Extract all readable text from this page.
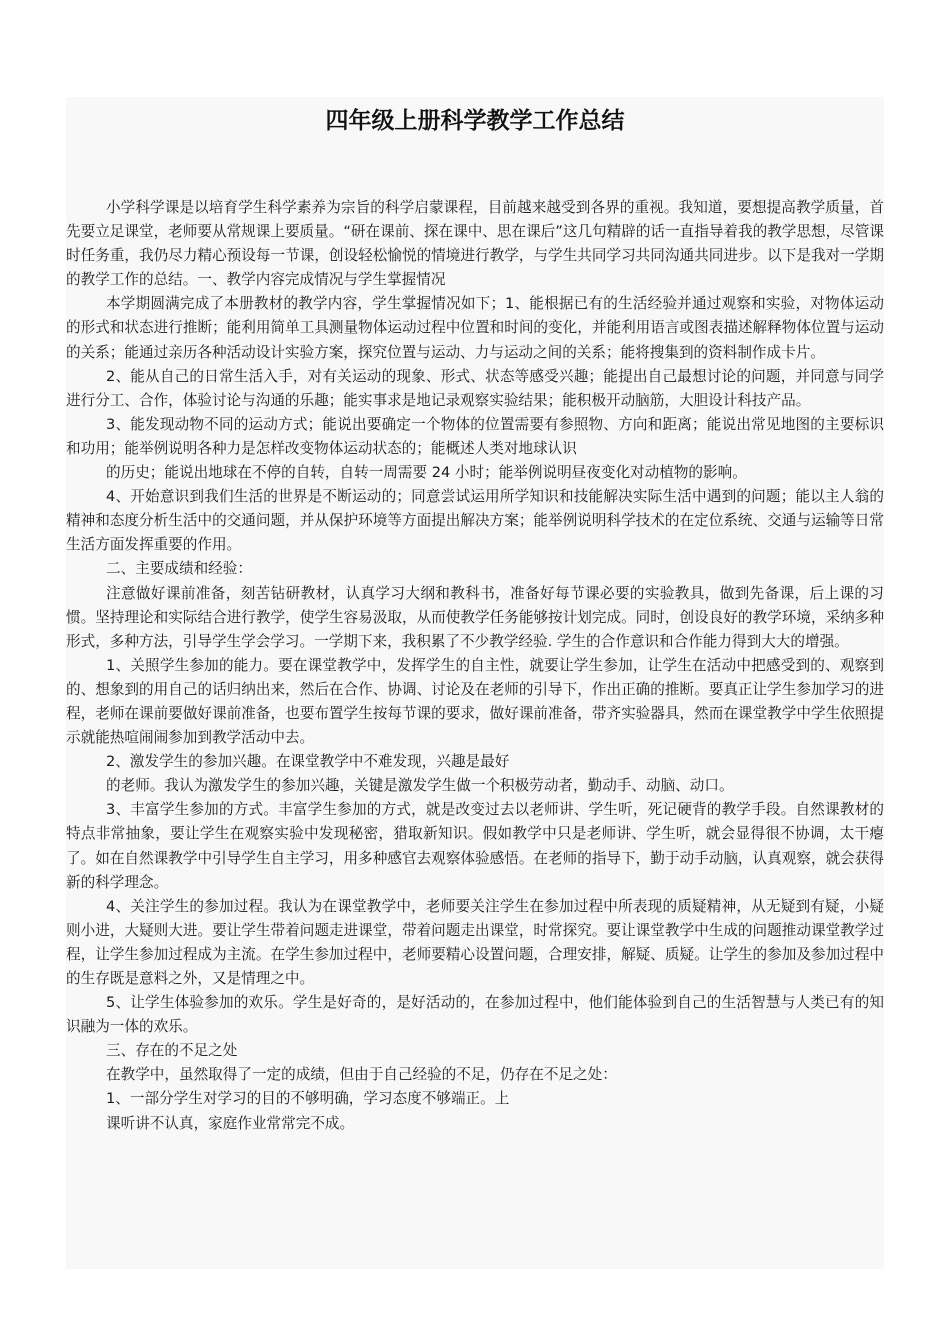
四年级上册科学教学工作总结

小学科学课是以培育学生科学素养为宗旨的科学启蒙课程，目前越来越受到各界的重视。我知道，要想提高教学质量，首先要立足课堂，老师要从常规课上要质量。“研在课前、探在课中、思在课后”这几句精辟的话一直指导着我的教学思想，尽管课时任务重，我仍尽力精心预设每一节课，创设轻松愉悦的情境进行教学，与学生共同学习共同沟通共同进步。以下是我对一学期的教学工作的总结。一、教学内容完成情况与学生掌握情况

本学期圆满完成了本册教材的教学内容，学生掌握情况如下；1、能根据已有的生活经验并通过观察和实验，对物体运动的形式和状态进行推断；能利用简单工具测量物体运动过程中位置和时间的变化，并能利用语言或图表描述解释物体位置与运动的关系；能通过亲历各种活动设计实验方案，探究位置与运动、力与运动之间的关系；能将搜集到的资料制作成卡片。

2、能从自己的日常生活入手，对有关运动的现象、形式、状态等感受兴趣；能提出自己最想讨论的问题，并同意与同学进行分工、合作，体验讨论与沟通的乐趣；能实事求是地记录观察实验结果；能积极开动脑筋，大胆设计科技产品。

3、能发现动物不同的运动方式；能说出要确定一个物体的位置需要有参照物、方向和距离；能说出常见地图的主要标识和功用；能举例说明各种力是怎样改变物体运动状态的；能概述人类对地球认识

的历史；能说出地球在不停的自转，自转一周需要 24 小时；能举例说明昼夜变化对动植物的影响。

4、开始意识到我们生活的世界是不断运动的；同意尝试运用所学知识和技能解决实际生活中遇到的问题；能以主人翁的精神和态度分析生活中的交通问题，并从保护环境等方面提出解决方案；能举例说明科学技术的在定位系统、交通与运输等日常生活方面发挥重要的作用。

二、主要成绩和经验：

注意做好课前准备，刻苦钻研教材，认真学习大纲和教科书，准备好每节课必要的实验教具，做到先备课，后上课的习惯。坚持理论和实际结合进行教学，使学生容易汲取，从而使教学任务能够按计划完成。同时，创设良好的教学环境，采纳多种形式，多种方法，引导学生学会学习。一学期下来，我积累了不少教学经验. 学生的合作意识和合作能力得到大大的增强。

1、关照学生参加的能力。要在课堂教学中，发挥学生的自主性，就要让学生参加，让学生在活动中把感受到的、观察到的、想象到的用自己的话归纳出来，然后在合作、协调、讨论及在老师的引导下，作出正确的推断。要真正让学生参加学习的进程，老师在课前要做好课前准备，也要布置学生按每节课的要求，做好课前准备，带齐实验器具，然而在课堂教学中学生依照提示就能热喧闹闹参加到教学活动中去。

2、激发学生的参加兴趣。在课堂教学中不难发现，兴趣是最好

的老师。我认为激发学生的参加兴趣，关键是激发学生做一个积极劳动者，勤动手、动脑、动口。

3、丰富学生参加的方式。丰富学生参加的方式，就是改变过去以老师讲、学生听，死记硬背的教学手段。自然课教材的特点非常抽象，要让学生在观察实验中发现秘密，猎取新知识。假如教学中只是老师讲、学生听，就会显得很不协调，太干瘪了。如在自然课教学中引导学生自主学习，用多种感官去观察体验感悟。在老师的指导下，勤于动手动脑，认真观察，就会获得新的科学理念。

4、关注学生的参加过程。我认为在课堂教学中，老师要关注学生在参加过程中所表现的质疑精神，从无疑到有疑，小疑则小进，大疑则大进。要让学生带着问题走进课堂，带着问题走出课堂，时常探究。要让课堂教学中生成的问题推动课堂教学过程，让学生参加过程成为主流。在学生参加过程中，老师要精心设置问题，合理安排，解疑、质疑。让学生的参加及参加过程中的生存既是意料之外，又是情理之中。

5、让学生体验参加的欢乐。学生是好奇的，是好活动的，在参加过程中，他们能体验到自己的生活智慧与人类已有的知识融为一体的欢乐。

三、存在的不足之处

在教学中，虽然取得了一定的成绩，但由于自己经验的不足，仍存在不足之处：

1、一部分学生对学习的目的不够明确，学习态度不够端正。上

课听讲不认真，家庭作业常常完不成。
